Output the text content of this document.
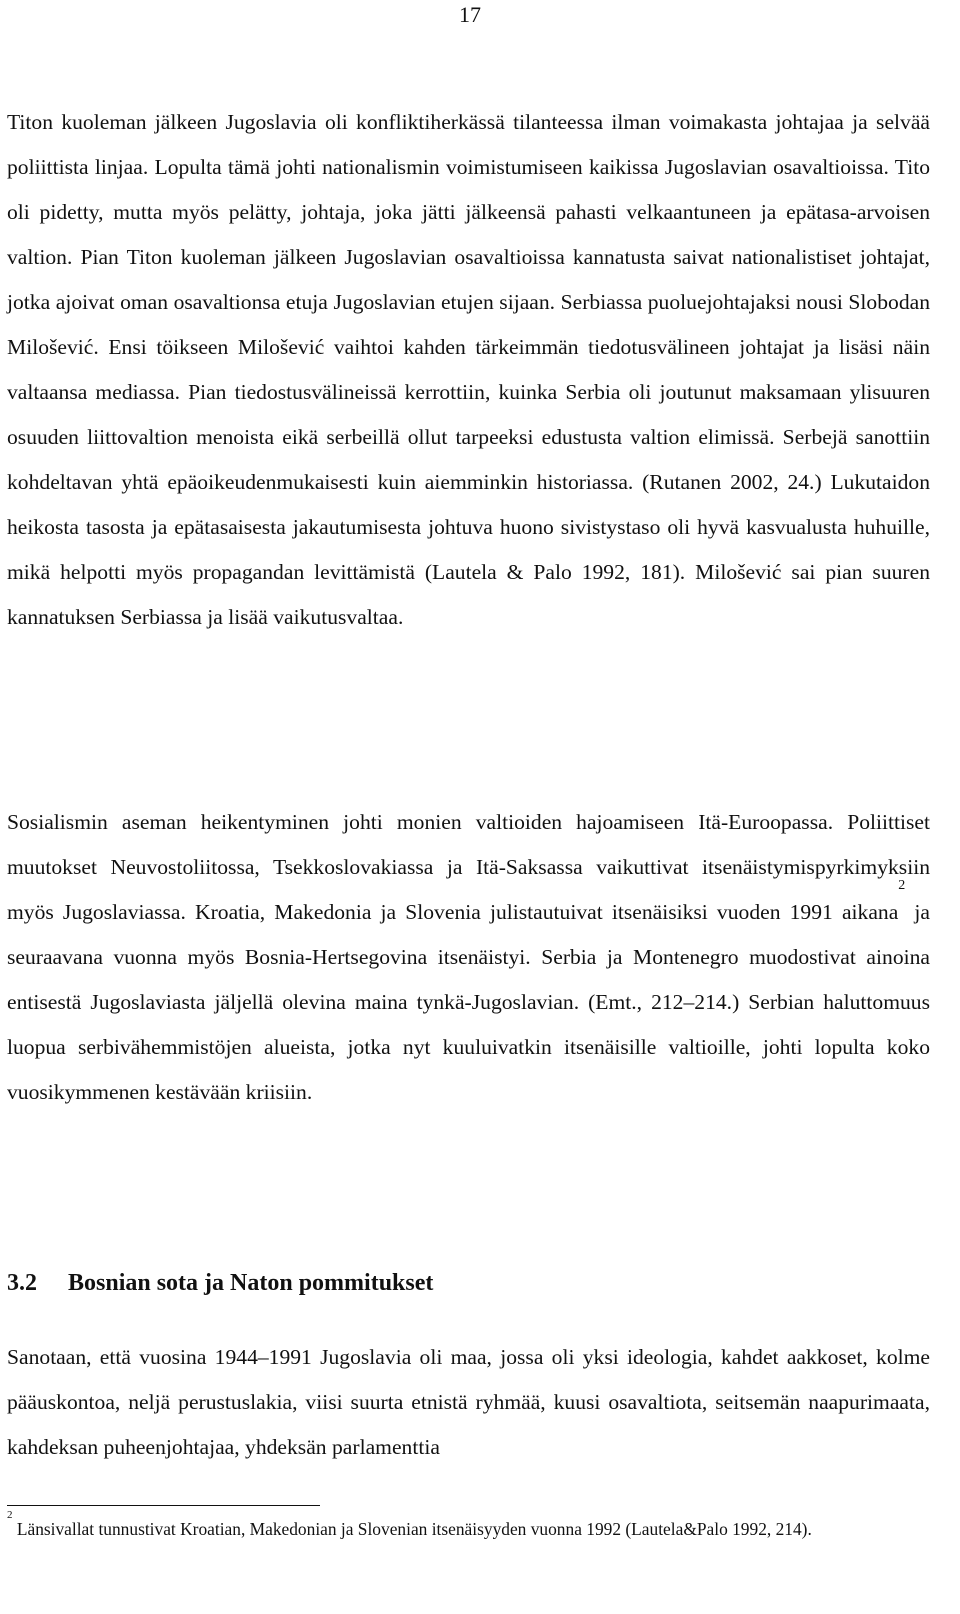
17

Titon kuoleman jälkeen Jugoslavia oli konfliktiherkässä tilanteessa ilman voimakasta johtajaa ja selvää poliittista linjaa. Lopulta tämä johti nationalismin voimistumiseen kaikissa Jugoslavian osavaltioissa. Tito oli pidetty, mutta myös pelätty, johtaja, joka jätti jälkeensä pahasti velkaantuneen ja epätasa-arvoisen valtion. Pian Titon kuoleman jälkeen Jugoslavian osavaltioissa kannatusta saivat nationalistiset johtajat, jotka ajoivat oman osavaltionsa etuja Jugoslavian etujen sijaan. Serbiassa puoluejohtajaksi nousi Slobodan Milošević. Ensi töikseen Milošević vaihtoi kahden tärkeimmän tiedotusvälineen johtajat ja lisäsi näin valtaansa mediassa. Pian tiedostusvälineissä kerrottiin, kuinka Serbia oli joutunut maksamaan ylisuuren osuuden liittovaltion menoista eikä serbeillä ollut tarpeeksi edustusta valtion elimissä. Serbejä sanottiin kohdeltavan yhtä epäoikeudenmukaisesti kuin aiemminkin historiassa. (Rutanen 2002, 24.) Lukutaidon heikosta tasosta ja epätasaisesta jakautumisesta johtuva huono sivistystaso oli hyvä kasvualusta huhuille, mikä helpotti myös propagandan levittämistä (Lautela & Palo 1992, 181). Milošević sai pian suuren kannatuksen Serbiassa ja lisää vaikutusvaltaa.

Sosialismin aseman heikentyminen johti monien valtioiden hajoamiseen Itä-Euroopassa. Poliittiset muutokset Neuvostoliitossa, Tsekkoslovakiassa ja Itä-Saksassa vaikuttivat itsenäistymispyrkimyksiin myös Jugoslaviassa. Kroatia, Makedonia ja Slovenia julistautuivat itsenäisiksi vuoden 1991 aikana$^2$ ja seuraavana vuonna myös Bosnia-Hertsegovina itsenäistyi. Serbia ja Montenegro muodostivat ainoina entisestä Jugoslaviasta jäljellä olevina maina tynkä-Jugoslavian. (Emt., 212–214.) Serbian haluttomuus luopua serbivähemmistöjen alueista, jotka nyt kuuluivatkin itsenäisille valtioille, johti lopulta koko vuosikymmenen kestävään kriisiin.

3.2 Bosnian sota ja Naton pommitukset

Sanotaan, että vuosina 1944–1991 Jugoslavia oli maa, jossa oli yksi ideologia, kahdet aakkoset, kolme pääuskontoa, neljä perustuslakia, viisi suurta etnistä ryhmää, kuusi osavaltiota, seitsemän naapurimaata, kahdeksan puheenjohtajaa, yhdeksän parlamenttia

$^2$ Länsivallat tunnustivat Kroatian, Makedonian ja Slovenian itsenäisyyden vuonna 1992 (Lautela&Palo 1992, 214).
